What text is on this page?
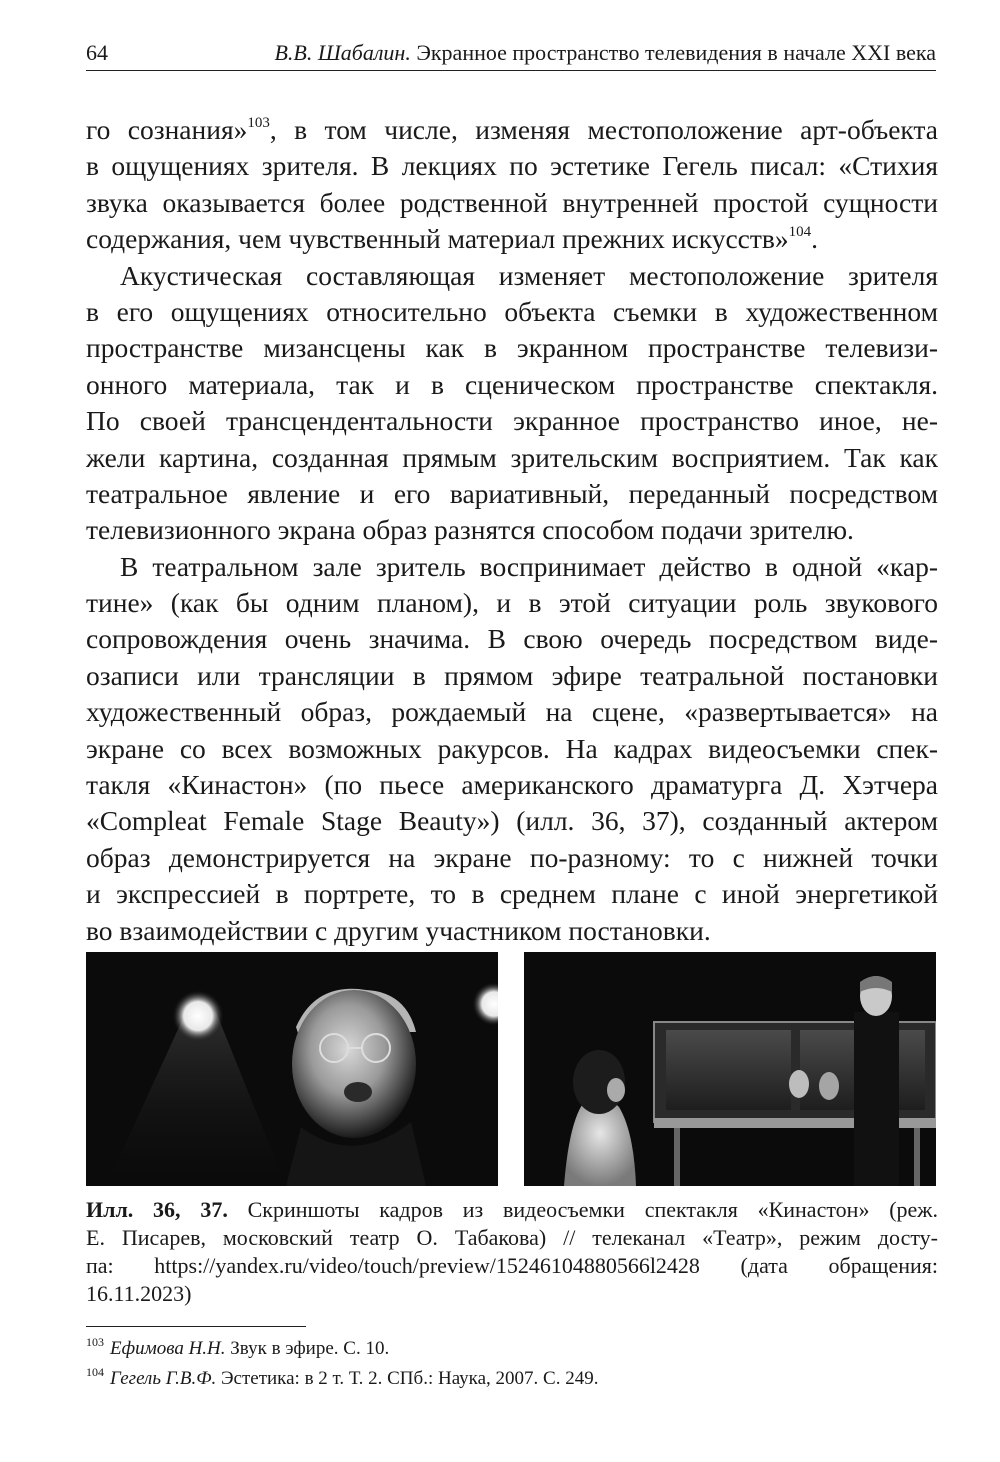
64	В.В. Шабалин. Экранное пространство телевидения в начале XXI века
го сознания»$^{103}$, в том числе, изменяя местоположение арт-объекта
в ощущениях зрителя. В лекциях по эстетике Гегель писал: «Стихия
звука оказывается более родственной внутренней простой сущности
содержания, чем чувственный материал прежних искусств»$^{104}$.
Акустическая составляющая изменяет местоположение зрителя
в его ощущениях относительно объекта съемки в художественном
пространстве мизансцены как в экранном пространстве телевизи-
онного материала, так и в сценическом пространстве спектакля.
По своей трансцендентальности экранное пространство иное, не-
жели картина, созданная прямым зрительским восприятием. Так как
театральное явление и его вариативный, переданный посредством
телевизионного экрана образ разнятся способом подачи зрителю.
В театральном зале зритель воспринимает действо в одной «кар-
тине» (как бы одним планом), и в этой ситуации роль звукового
сопровождения очень значима. В свою очередь посредством виде-
озаписи или трансляции в прямом эфире театральной постановки
художественный образ, рождаемый на сцене, «развертывается» на
экране со всех возможных ракурсов. На кадрах видеосъемки спек-
такля «Кинастон» (по пьесе американского драматурга Д. Хэтчера
«Compleat Female Stage Beauty») (илл. 36, 37), созданный актером
образ демонстрируется на экране по-разному: то с нижней точки
и экспрессией в портрете, то в среднем плане с иной энергетикой
во взаимодействии с другим участником постановки.
Илл. 36, 37. Скриншоты кадров из видеосъемки спектакля «Кинастон» (реж.
Е. Писарев, московский театр О. Табакова) // телеканал «Театр», режим досту-
па: https://yandex.ru/video/touch/preview/15246104880566l2428 (дата обращения:
16.11.2023)
$^{103}$ Ефимова Н.Н. Звук в эфире. С. 10.
$^{104}$ Гегель Г.В.Ф. Эстетика: в 2 т. Т. 2. СПб.: Наука, 2007. С. 249.
